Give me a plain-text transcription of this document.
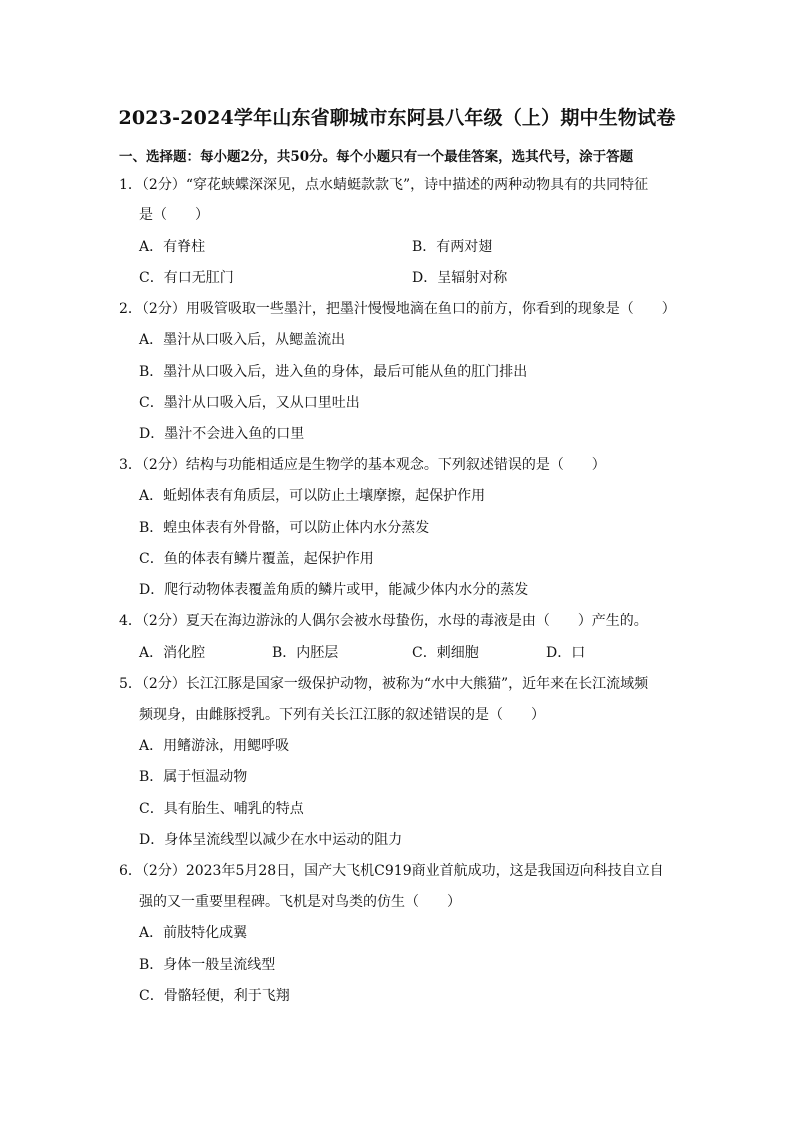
2023-2024学年山东省聊城市东阿县八年级（上）期中生物试卷
一、选择题：每小题2分，共50分。每个小题只有一个最佳答案，选其代号，涂于答题
1．（2分）“穿花蛱蝶深深见，点水蜻蜓款款飞”，诗中描述的两种动物具有的共同特征
是（　　）
A．有脊柱	B．有两对翅
C．有口无肛门	D．呈辐射对称
2．（2分）用吸管吸取一些墨汁，把墨汁慢慢地滴在鱼口的前方，你看到的现象是（　　）
A．墨汁从口吸入后，从鳃盖流出
B．墨汁从口吸入后，进入鱼的身体，最后可能从鱼的肛门排出
C．墨汁从口吸入后，又从口里吐出
D．墨汁不会进入鱼的口里
3．（2分）结构与功能相适应是生物学的基本观念。下列叙述错误的是（　　）
A．蚯蚓体表有角质层，可以防止土壤摩擦，起保护作用
B．蝗虫体表有外骨骼，可以防止体内水分蒸发
C．鱼的体表有鳞片覆盖，起保护作用
D．爬行动物体表覆盖角质的鳞片或甲，能减少体内水分的蒸发
4．（2分）夏天在海边游泳的人偶尔会被水母蛰伤，水母的毒液是由（　　）产生的。
A．消化腔	B．内胚层	C．刺细胞	D．口
5．（2分）长江江豚是国家一级保护动物，被称为“水中大熊猫”，近年来在长江流域频
频现身，由雌豚授乳。下列有关长江江豚的叙述错误的是（　　）
A．用鳍游泳，用鳃呼吸
B．属于恒温动物
C．具有胎生、哺乳的特点
D．身体呈流线型以减少在水中运动的阻力
6．（2分）2023年5月28日，国产大飞机C919商业首航成功，这是我国迈向科技自立自
强的又一重要里程碑。飞机是对鸟类的仿生（　　）
A．前肢特化成翼
B．身体一般呈流线型
C．骨骼轻便，利于飞翔
